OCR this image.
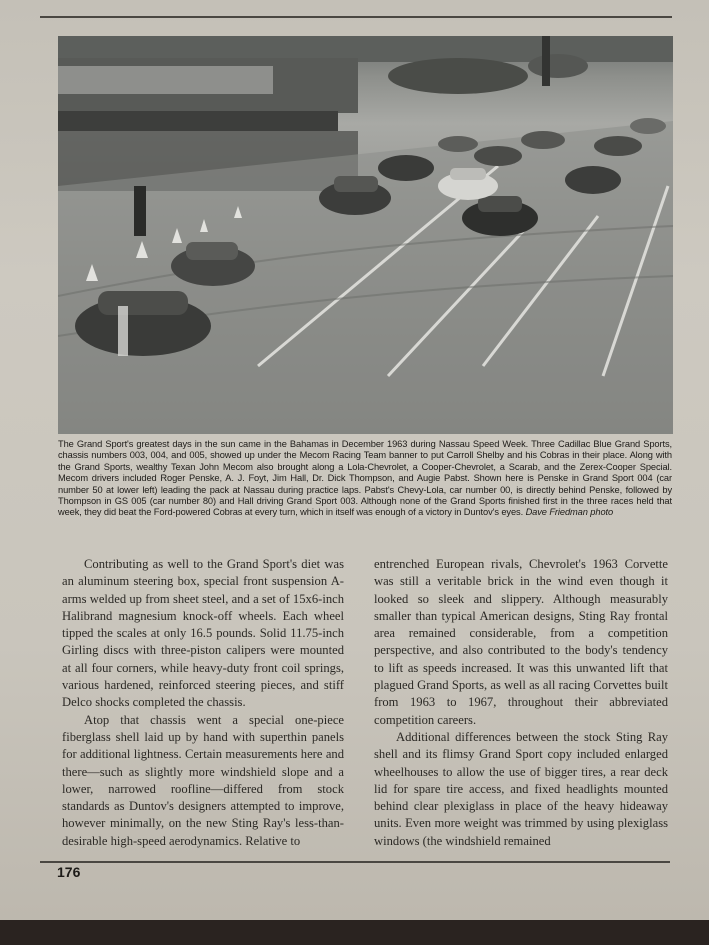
The Grand Sport's greatest days in the sun came in the Bahamas in December 1963 during Nassau Speed Week. Three Cadillac Blue Grand Sports, chassis numbers 003, 004, and 005, showed up under the Mecom Racing Team banner to put Carroll Shelby and his Cobras in their place. Along with the Grand Sports, wealthy Texan John Mecom also brought along a Lola-Chevrolet, a Cooper-Chevrolet, a Scarab, and the Zerex-Cooper Special. Mecom drivers included Roger Penske, A. J. Foyt, Jim Hall, Dr. Dick Thompson, and Augie Pabst. Shown here is Penske in Grand Sport 004 (car number 50 at lower left) leading the pack at Nassau during practice laps. Pabst's Chevy-Lola, car number 00, is directly behind Penske, followed by Thompson in GS 005 (car number 80) and Hall driving Grand Sport 003. Although none of the Grand Sports finished first in the three races held that week, they did beat the Ford-powered Cobras at every turn, which in itself was enough of a victory in Duntov's eyes. Dave Friedman photo

Contributing as well to the Grand Sport's diet was an aluminum steering box, special front suspension A-arms welded up from sheet steel, and a set of 15x6-inch Halibrand magnesium knock-off wheels. Each wheel tipped the scales at only 16.5 pounds. Solid 11.75-inch Girling discs with three-piston calipers were mounted at all four corners, while heavy-duty front coil springs, various hardened, reinforced steering pieces, and stiff Delco shocks completed the chassis.

Atop that chassis went a special one-piece fiberglass shell laid up by hand with superthin panels for additional lightness. Certain measurements here and there—such as slightly more windshield slope and a lower, narrowed roofline—differed from stock standards as Duntov's designers attempted to improve, however minimally, on the new Sting Ray's less-than-desirable high-speed aerodynamics. Relative to

entrenched European rivals, Chevrolet's 1963 Corvette was still a veritable brick in the wind even though it looked so sleek and slippery. Although measurably smaller than typical American designs, Sting Ray frontal area remained considerable, from a competition perspective, and also contributed to the body's tendency to lift as speeds increased. It was this unwanted lift that plagued Grand Sports, as well as all racing Corvettes built from 1963 to 1967, throughout their abbreviated competition careers.

Additional differences between the stock Sting Ray shell and its flimsy Grand Sport copy included enlarged wheelhouses to allow the use of bigger tires, a rear deck lid for spare tire access, and fixed headlights mounted behind clear plexiglass in place of the heavy hideaway units. Even more weight was trimmed by using plexiglass windows (the windshield remained

176
